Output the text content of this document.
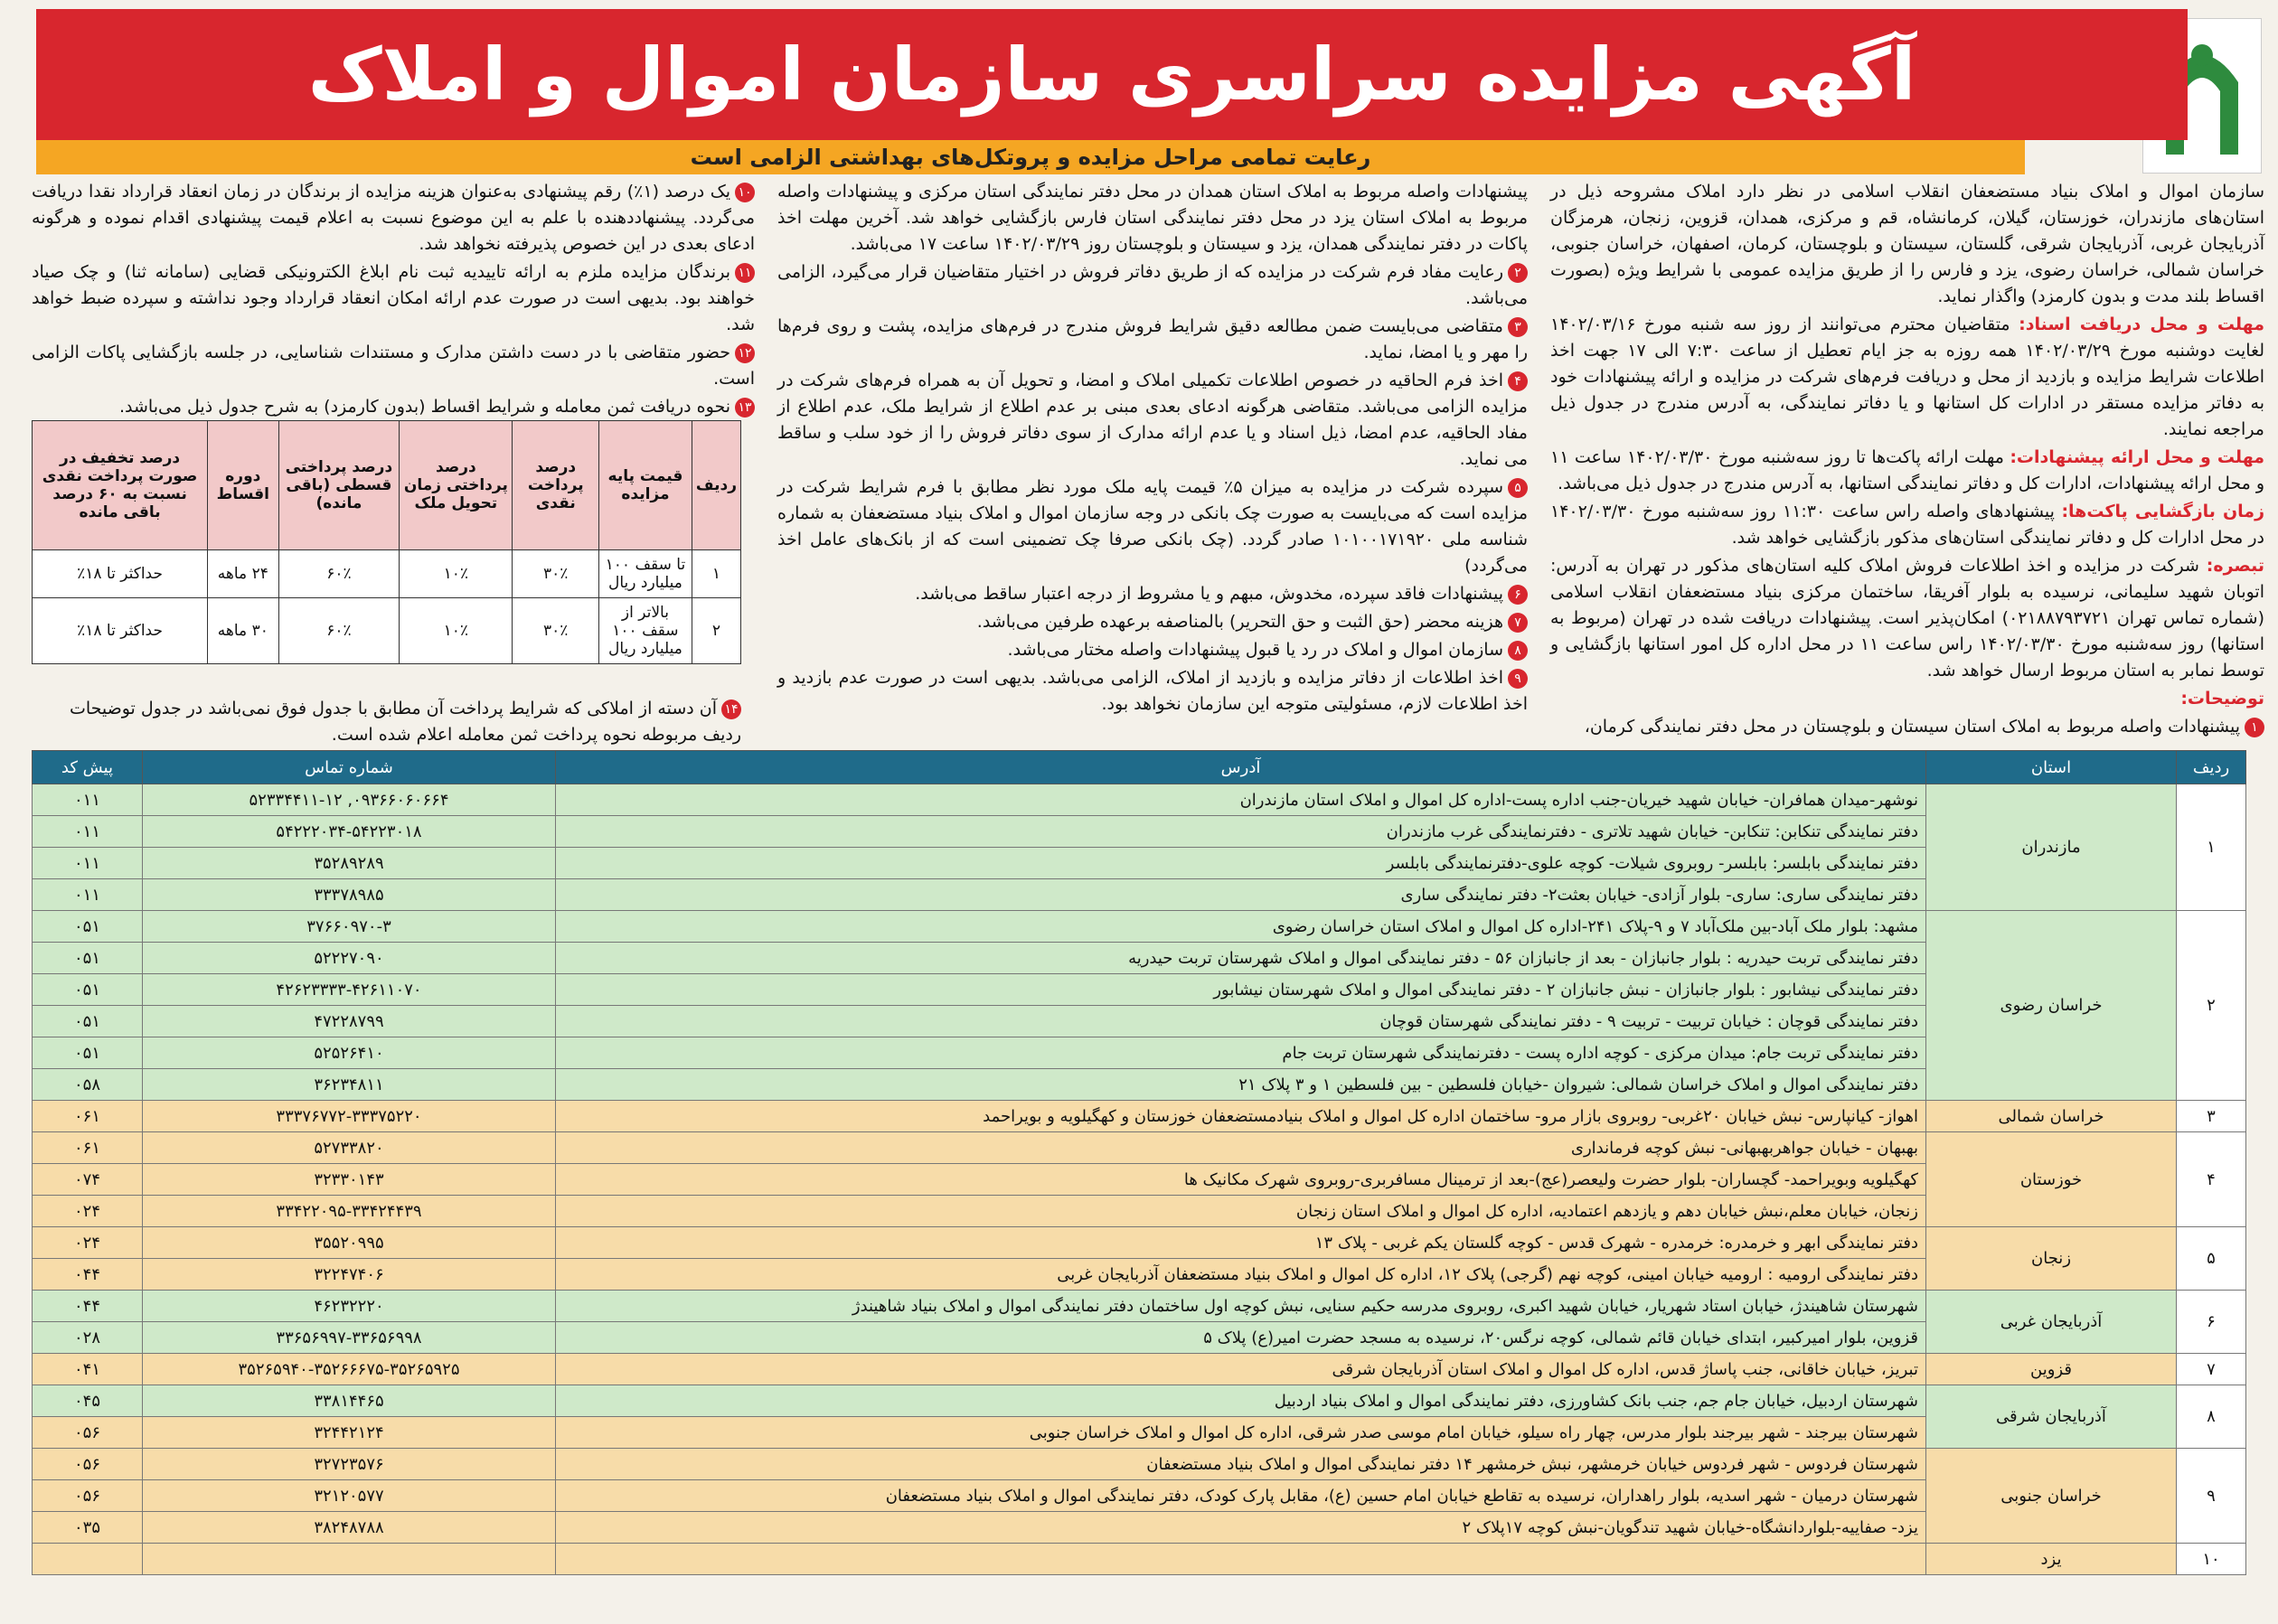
آگهی مزایده سراسری سازمان اموال و املاک
رعایت تمامی مراحل مزایده و پروتکل‌های بهداشتی الزامی است

سازمان اموال و املاک بنیاد مستضعفان انقلاب اسلامی در نظر دارد املاک مشروحه ذیل در استان‌های مازندران، خوزستان، گیلان، کرمانشاه، قم و مرکزی، همدان، قزوین، زنجان، هرمزگان آذربایجان غربی، آذربایجان شرقی، گلستان، سیستان و بلوچستان، کرمان، اصفهان، خراسان جنوبی، خراسان شمالی، خراسان رضوی، یزد و فارس را از طریق مزایده عمومی با شرایط ویژه (بصورت اقساط بلند مدت و بدون کارمزد) واگذار نماید.

مهلت و محل دریافت اسناد: متقاضیان محترم می‌توانند از روز سه شنبه مورخ ۱۴۰۲/۰۳/۱۶ لغایت دوشنبه مورخ ۱۴۰۲/۰۳/۲۹ همه روزه به جز ایام تعطیل از ساعت ۷:۳۰ الی ۱۷ جهت اخذ اطلاعات شرایط مزایده و بازدید از محل و دریافت فرم‌های شرکت در مزایده و ارائه پیشنهادات خود به دفاتر مزایده مستقر در ادارات کل استانها و یا دفاتر نمایندگی، به آدرس مندرج در جدول ذیل مراجعه نمایند.

مهلت و محل ارائه پیشنهادات: مهلت ارائه پاکت‌ها تا روز سه‌شنبه مورخ ۱۴۰۲/۰۳/۳۰ ساعت ۱۱ و محل ارائه پیشنهادات، ادارات کل و دفاتر نمایندگی استانها، به آدرس مندرج در جدول ذیل می‌باشد.

زمان بازگشایی پاکت‌ها: پیشنهادهای واصله راس ساعت ۱۱:۳۰ روز سه‌شنبه مورخ ۱۴۰۲/۰۳/۳۰ در محل ادارات کل و دفاتر نمایندگی استان‌های مذکور بازگشایی خواهد شد.

تبصره: شرکت در مزایده و اخذ اطلاعات فروش املاک کلیه استان‌های مذکور در تهران به آدرس: اتوبان شهید سلیمانی، نرسیده به بلوار آفریقا، ساختمان مرکزی بنیاد مستضعفان انقلاب اسلامی (شماره تماس تهران ۰۲۱۸۸۷۹۳۷۲۱) امکان‌پذیر است. پیشنهادات دریافت شده در تهران (مربوط به استانها) روز سه‌شنبه مورخ ۱۴۰۲/۰۳/۳۰ راس ساعت ۱۱ در محل اداره کل امور استانها بازگشایی و توسط نمابر به استان مربوط ارسال خواهد شد.

توضیحات:

۱پیشنهادات واصله مربوط به املاک استان سیستان و بلوچستان در محل دفتر نمایندگی کرمان،

پیشنهادات واصله مربوط به املاک استان همدان در محل دفتر نمایندگی استان مرکزی و پیشنهادات واصله مربوط به املاک استان یزد در محل دفتر نمایندگی استان فارس بازگشایی خواهد شد. آخرین مهلت اخذ پاکات در دفتر نمایندگی همدان، یزد و سیستان و بلوچستان روز ۱۴۰۲/۰۳/۲۹ ساعت ۱۷ می‌باشد.

۲رعایت مفاد فرم شرکت در مزایده که از طریق دفاتر فروش در اختیار متقاضیان قرار می‌گیرد، الزامی می‌باشد.

۳متقاضی می‌بایست ضمن مطالعه دقیق شرایط فروش مندرج در فرم‌های مزایده، پشت و روی فرم‌ها را مهر و یا امضا، نماید.

۴اخذ فرم الحاقیه در خصوص اطلاعات تکمیلی املاک و امضا، و تحویل آن به همراه فرم‌های شرکت در مزایده الزامی می‌باشد. متقاضی هرگونه ادعای بعدی مبنی بر عدم اطلاع از شرایط ملک، عدم اطلاع از مفاد الحاقیه، عدم امضا، ذیل اسناد و یا عدم ارائه مدارک از سوی دفاتر فروش را از خود سلب و ساقط می نماید.

۵سپرده شرکت در مزایده به میزان ۵٪ قیمت پایه ملک مورد نظر مطابق با فرم شرایط شرکت در مزایده است که می‌بایست به صورت چک بانکی در وجه سازمان اموال و املاک بنیاد مستضعفان به شماره شناسه ملی ۱۰۱۰۰۱۷۱۹۲۰ صادر گردد. (چک بانکی صرفا چک تضمینی است که از بانک‌های عامل اخذ می‌گردد)

۶پیشنهادات فاقد سپرده، مخدوش، مبهم و یا مشروط از درجه اعتبار ساقط می‌باشد.

۷هزینه محضر (حق الثبت و حق التحریر) بالمناصفه برعهده طرفین می‌باشد.

۸سازمان اموال و املاک در رد یا قبول پیشنهادات واصله مختار می‌باشد.

۹اخذ اطلاعات از دفاتر مزایده و بازدید از املاک، الزامی می‌باشد. بدیهی است در صورت عدم بازدید و اخذ اطلاعات لازم، مسئولیتی متوجه این سازمان نخواهد بود.

۱۰یک درصد (۱٪) رقم پیشنهادی به‌عنوان هزینه مزایده از برندگان در زمان انعقاد قرارداد نقدا دریافت می‌گردد. پیشنهاددهنده با علم به این موضوع نسبت به اعلام قیمت پیشنهادی اقدام نموده و هرگونه ادعای بعدی در این خصوص پذیرفته نخواهد شد.

۱۱برندگان مزایده ملزم به ارائه تاییدیه ثبت نام ابلاغ الکترونیکی قضایی (سامانه ثنا) و چک صیاد خواهند بود. بدیهی است در صورت عدم ارائه امکان انعقاد قرارداد وجود نداشته و سپرده ضبط خواهد شد.

۱۲حضور متقاضی با در دست داشتن مدارک و مستندات شناسایی، در جلسه بازگشایی پاکات الزامی است.

۱۳نحوه دریافت ثمن معامله و شرایط اقساط (بدون کارمزد) به شرح جدول ذیل می‌باشد.

ردیف	قیمت پایه مزایده	درصد پرداخت نقدی	درصد پرداختی زمان تحویل ملک	درصد پرداختی قسطی (باقی مانده)	دوره اقساط	درصد تخفیف در صورت پرداخت نقدی نسبت به ۶۰ درصد باقی مانده
۱	تا سقف ۱۰۰ میلیارد ریال	۳۰٪	۱۰٪	۶۰٪	۲۴ ماهه	حداکثر تا ۱۸٪
۲	بالاتر از سقف ۱۰۰ میلیارد ریال	۳۰٪	۱۰٪	۶۰٪	۳۰ ماهه	حداکثر تا ۱۸٪
۱۴آن دسته از املاکی که شرایط پرداخت آن مطابق با جدول فوق نمی‌باشد در جدول توضیحات ردیف مربوطه نحوه پرداخت ثمن معامله اعلام شده است.
ردیف	استان	آدرس	شماره تماس	پیش کد
۱	مازندران	نوشهر-میدان همافران- خیابان شهید خیریان-جنب اداره پست-اداره کل اموال و املاک استان مازندران	۵۲۳۳۴۴۱۱-۱۲ ,۰۹۳۶۶۰۶۰۶۶۴	۰۱۱
		دفتر نمایندگی تنکابن: تنکابن- خیابان شهید تلاتری - دفترنمایندگی غرب مازندران	۵۴۲۲۲۰۳۴-۵۴۲۲۳۰۱۸	۰۱۱
		دفتر نمایندگی بابلسر: بابلسر- روبروی شیلات- کوچه علوی-دفترنمایندگی بابلسر	۳۵۲۸۹۲۸۹	۰۱۱
		دفتر نمایندگی ساری: ساری- بلوار آزادی- خیابان بعثت۲- دفتر نمایندگی ساری	۳۳۳۷۸۹۸۵	۰۱۱
۲	خراسان رضوی	مشهد: بلوار ملک آباد-بین ملک‌آباد ۷ و ۹-پلاک ۲۴۱-اداره کل اموال و املاک استان خراسان رضوی	۳۷۶۶۰۹۷۰-۳	۰۵۱
		دفتر نمایندگی تربت حیدریه : بلوار جانبازان - بعد از جانبازان ۵۶ - دفتر نمایندگی اموال و املاک شهرستان تربت حیدریه	۵۲۲۲۷۰۹۰	۰۵۱
		دفتر نمایندگی نیشابور : بلوار جانبازان - نبش جانبازان ۲ - دفتر نمایندگی اموال و املاک شهرستان نیشابور	۴۲۶۲۳۳۳۳-۴۲۶۱۱۰۷۰	۰۵۱
		دفتر نمایندگی قوچان : خیابان تربیت - تربیت ۹ - دفتر نمایندگی شهرستان قوچان	۴۷۲۲۸۷۹۹	۰۵۱
		دفتر نمایندگی تربت جام: میدان مرکزی - کوچه اداره پست - دفترنمایندگی شهرستان تربت جام	۵۲۵۲۶۴۱۰	۰۵۱
		دفتر نمایندگی اموال و املاک خراسان شمالی: شیروان -خیابان فلسطین - بین فلسطین ۱ و ۳ پلاک ۲۱	۳۶۲۳۴۸۱۱	۰۵۸
۳	خراسان شمالی	اهواز- کیانپارس- نبش خیابان ۲۰غربی- روبروی بازار مرو- ساختمان اداره کل اموال و املاک بنیادمستضعفان خوزستان و کهگیلویه و بویراحمد	۳۳۳۷۶۷۷۲-۳۳۳۷۵۲۲۰	۰۶۱
۴	خوزستان	بهبهان - خیابان جواهربهبهانی- نبش کوچه فرمانداری	۵۲۷۳۳۸۲۰	۰۶۱
		کهگیلویه وبویراحمد- گچساران- بلوار حضرت ولیعصر(عج)-بعد از ترمینال مسافربری-روبروی شهرک مکانیک ها	۳۲۳۳۰۱۴۳	۰۷۴
		زنجان، خیابان معلم،نبش خیابان دهم و یازدهم اعتمادیه، اداره کل اموال و املاک استان زنجان	۳۳۴۲۲۰۹۵-۳۳۴۲۴۴۳۹	۰۲۴
۵	زنجان	دفتر نمایندگی ابهر و خرمدره: خرمدره - شهرک قدس - کوچه گلستان یکم غربی - پلاک ۱۳	۳۵۵۲۰۹۹۵	۰۲۴
		دفتر نمایندگی ارومیه : ارومیه خیابان امینی، کوچه نهم (گرجی) پلاک ۱۲، اداره کل اموال و املاک بنیاد مستضعفان آذربایجان غربی	۳۲۲۴۷۴۰۶	۰۴۴
۶	آذربایجان غربی	شهرستان شاهیندژ، خیابان استاد شهریار، خیابان شهید اکبری، روبروی مدرسه حکیم سنایی، نبش کوچه اول ساختمان دفتر نمایندگی اموال و املاک بنیاد شاهیندژ	۴۶۲۳۲۲۲۰	۰۴۴
		قزوین، بلوار امیرکبیر، ابتدای خیابان قائم شمالی، کوچه نرگس۲۰، نرسیده به مسجد حضرت امیر(ع) پلاک ۵	۳۳۶۵۶۹۹۷-۳۳۶۵۶۹۹۸	۰۲۸
۷	قزوین	تبریز، خیابان خاقانی، جنب پاساژ قدس، اداره کل اموال و املاک استان آذربایجان شرقی	۳۵۲۶۵۹۴۰-۳۵۲۶۶۶۷۵-۳۵۲۶۵۹۲۵	۰۴۱
۸	آذربایجان شرقی	شهرستان اردبیل، خیابان جام جم، جنب بانک کشاورزی، دفتر نمایندگی اموال و املاک بنیاد اردبیل	۳۳۸۱۴۴۶۵	۰۴۵
		شهرستان بیرجند - شهر بیرجند بلوار مدرس، چهار راه سیلو، خیابان امام موسی صدر شرقی، اداره کل اموال و املاک خراسان جنوبی	۳۲۴۴۲۱۲۴	۰۵۶
۹	خراسان جنوبی	شهرستان فردوس - شهر فردوس خیابان خرمشهر، نبش خرمشهر ۱۴ دفتر نمایندگی اموال و املاک بنیاد مستضعفان	۳۲۷۲۳۵۷۶	۰۵۶
		شهرستان درمیان - شهر اسدیه، بلوار راهداران، نرسیده به تقاطع خیابان امام حسین (ع)، مقابل پارک کودک، دفتر نمایندگی اموال و املاک بنیاد مستضعفان	۳۲۱۲۰۵۷۷	۰۵۶
		یزد- صفاییه-بلواردانشگاه-خیابان شهید تندگویان-نبش کوچه ۱۷پلاک ۲	۳۸۲۴۸۷۸۸	۰۳۵
۱۰	یزد			
